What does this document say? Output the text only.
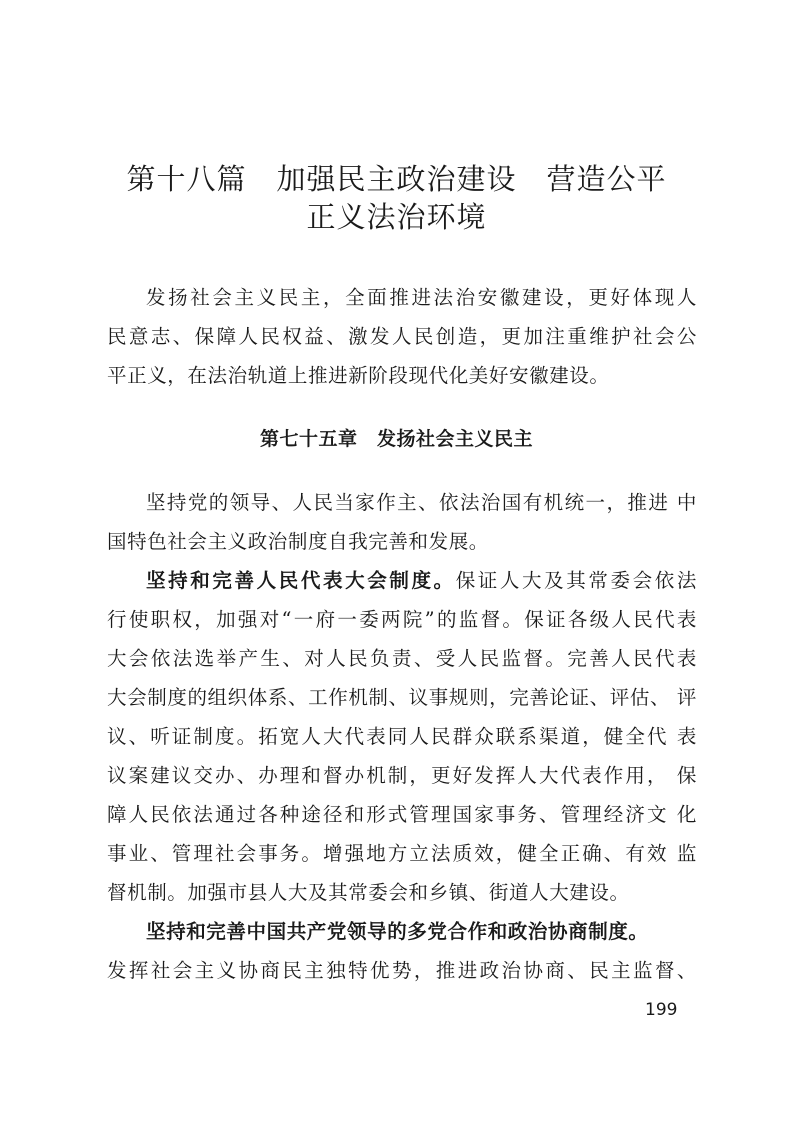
第十八篇　加强民主政治建设　营造公平
正义法治环境
发扬社会主义民主，全面推进法治安徽建设，更好体现人
民意志、保障人民权益、激发人民创造，更加注重维护社会公
平正义，在法治轨道上推进新阶段现代化美好安徽建设。
第七十五章　发扬社会主义民主
坚持党的领导、人民当家作主、依法治国有机统一，推进 中
国特色社会主义政治制度自我完善和发展。
坚持和完善人民代表大会制度。保证人大及其常委会依法
行使职权，加强对“一府一委两院”的监督。保证各级人民代表
大会依法选举产生、对人民负责、受人民监督。完善人民代表
大会制度的组织体系、工作机制、议事规则，完善论证、评估、 评
议、听证制度。拓宽人大代表同人民群众联系渠道，健全代 表
议案建议交办、办理和督办机制，更好发挥人大代表作用， 保
障人民依法通过各种途径和形式管理国家事务、管理经济文 化
事业、管理社会事务。增强地方立法质效，健全正确、有效 监
督机制。加强市县人大及其常委会和乡镇、街道人大建设。
坚持和完善中国共产党领导的多党合作和政治协商制度。
发挥社会主义协商民主独特优势，推进政治协商、民主监督、
199
